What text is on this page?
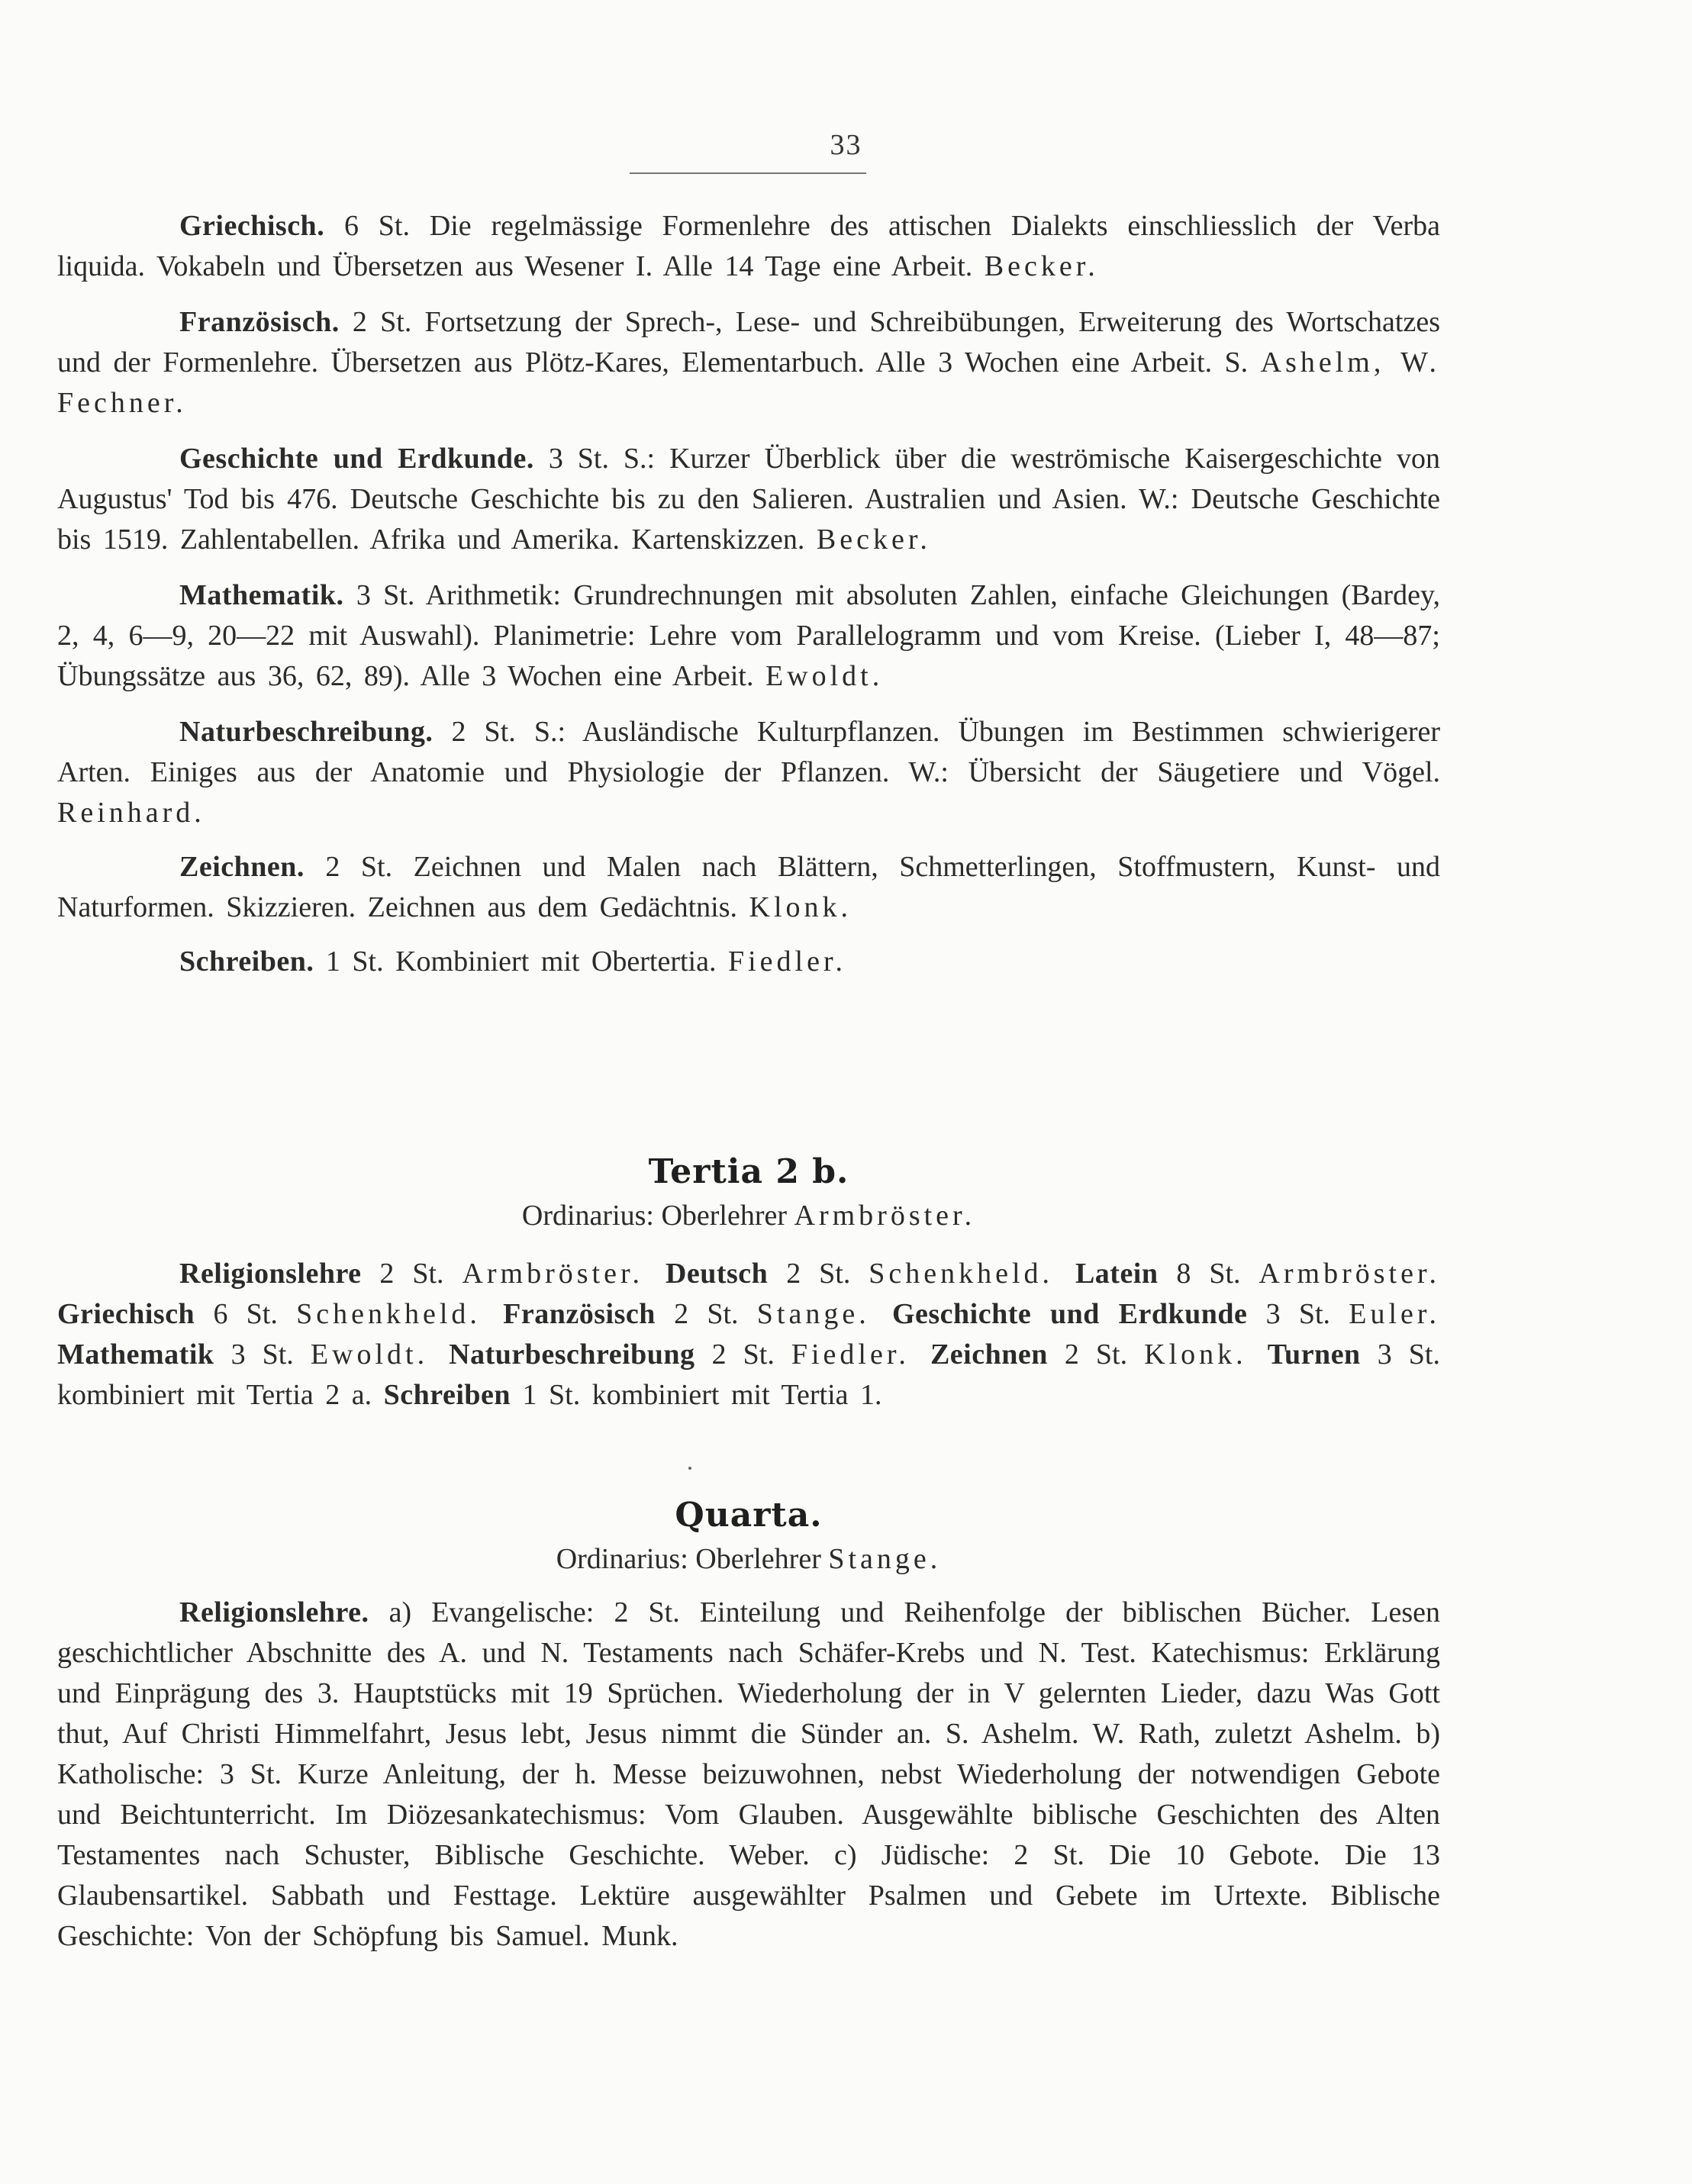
33

Griechisch. 6 St. Die regelmässige Formenlehre des attischen Dialekts einschliesslich der Verba liquida. Vokabeln und Übersetzen aus Wesener I. Alle 14 Tage eine Arbeit. Becker.

Französisch. 2 St. Fortsetzung der Sprech-, Lese- und Schreibübungen, Erweiterung des Wortschatzes und der Formenlehre. Übersetzen aus Plötz-Kares, Elementarbuch. Alle 3 Wochen eine Arbeit. S. Ashelm, W. Fechner.

Geschichte und Erdkunde. 3 St. S.: Kurzer Überblick über die weströmische Kaisergeschichte von Augustus' Tod bis 476. Deutsche Geschichte bis zu den Salieren. Australien und Asien. W.: Deutsche Geschichte bis 1519. Zahlentabellen. Afrika und Amerika. Kartenskizzen. Becker.

Mathematik. 3 St. Arithmetik: Grundrechnungen mit absoluten Zahlen, einfache Gleichungen (Bardey, 2, 4, 6—9, 20—22 mit Auswahl). Planimetrie: Lehre vom Parallelogramm und vom Kreise. (Lieber I, 48—87; Übungssätze aus 36, 62, 89). Alle 3 Wochen eine Arbeit. Ewoldt.

Naturbeschreibung. 2 St. S.: Ausländische Kulturpflanzen. Übungen im Bestimmen schwierigerer Arten. Einiges aus der Anatomie und Physiologie der Pflanzen. W.: Übersicht der Säugetiere und Vögel. Reinhard.

Zeichnen. 2 St. Zeichnen und Malen nach Blättern, Schmetterlingen, Stoffmustern, Kunst- und Naturformen. Skizzieren. Zeichnen aus dem Gedächtnis. Klonk.

Schreiben. 1 St. Kombiniert mit Obertertia. Fiedler.

Tertia 2 b.

Ordinarius: Oberlehrer Armbröster.

Religionslehre 2 St. Armbröster. Deutsch 2 St. Schenkheld. Latein 8 St. Armbröster. Griechisch 6 St. Schenkheld. Französisch 2 St. Stange. Geschichte und Erdkunde 3 St. Euler. Mathematik 3 St. Ewoldt. Naturbeschreibung 2 St. Fiedler. Zeichnen 2 St. Klonk. Turnen 3 St. kombiniert mit Tertia 2 a. Schreiben 1 St. kombiniert mit Tertia 1.

Quarta.

Ordinarius: Oberlehrer Stange.

Religionslehre. a) Evangelische: 2 St. Einteilung und Reihenfolge der biblischen Bücher. Lesen geschichtlicher Abschnitte des A. und N. Testaments nach Schäfer-Krebs und N. Test. Katechismus: Erklärung und Einprägung des 3. Hauptstücks mit 19 Sprüchen. Wiederholung der in V gelernten Lieder, dazu Was Gott thut, Auf Christi Himmelfahrt, Jesus lebt, Jesus nimmt die Sünder an. S. Ashelm. W. Rath, zuletzt Ashelm. b) Katholische: 3 St. Kurze Anleitung, der h. Messe beizuwohnen, nebst Wiederholung der notwendigen Gebote und Beichtunterricht. Im Diözesankatechismus: Vom Glauben. Ausgewählte biblische Geschichten des Alten Testamentes nach Schuster, Biblische Geschichte. Weber. c) Jüdische: 2 St. Die 10 Gebote. Die 13 Glaubensartikel. Sabbath und Festtage. Lektüre ausgewählter Psalmen und Gebete im Urtexte. Biblische Geschichte: Von der Schöpfung bis Samuel. Munk.
